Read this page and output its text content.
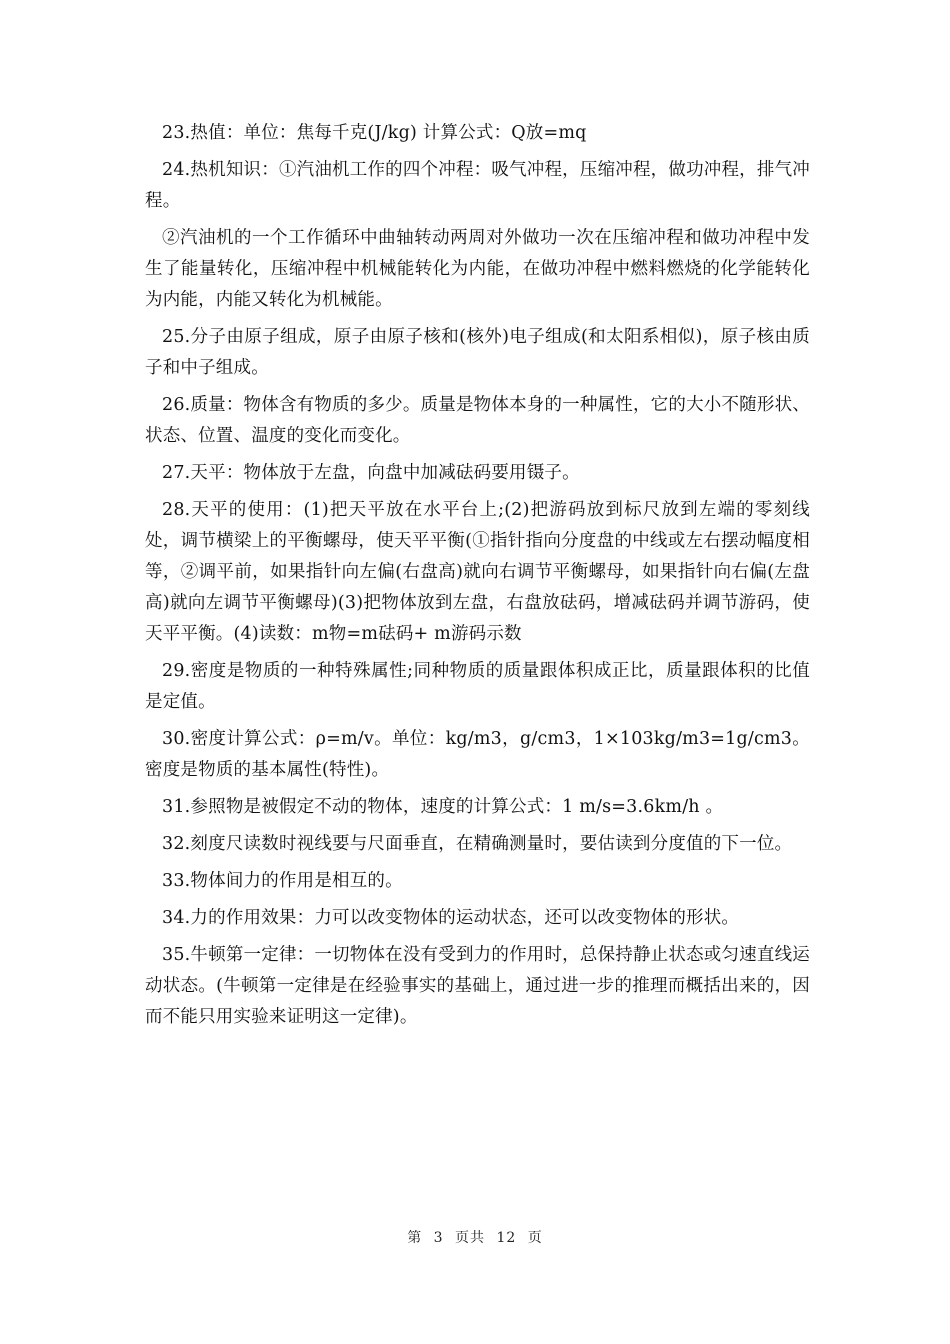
23.热值：单位：焦每千克(J/kg) 计算公式：Q放=mq

24.热机知识：①汽油机工作的四个冲程：吸气冲程，压缩冲程，做功冲程，排气冲程。

②汽油机的一个工作循环中曲轴转动两周对外做功一次在压缩冲程和做功冲程中发生了能量转化，压缩冲程中机械能转化为内能，在做功冲程中燃料燃烧的化学能转化为内能，内能又转化为机械能。

25.分子由原子组成，原子由原子核和(核外)电子组成(和太阳系相似)，原子核由质子和中子组成。

26.质量：物体含有物质的多少。质量是物体本身的一种属性，它的大小不随形状、状态、位置、温度的变化而变化。

27.天平：物体放于左盘，向盘中加减砝码要用镊子。

28.天平的使用：(1)把天平放在水平台上;(2)把游码放到标尺放到左端的零刻线处，调节横梁上的平衡螺母，使天平平衡(①指针指向分度盘的中线或左右摆动幅度相等，②调平前，如果指针向左偏(右盘高)就向右调节平衡螺母，如果指针向右偏(左盘高)就向左调节平衡螺母)(3)把物体放到左盘，右盘放砝码，增减砝码并调节游码，使天平平衡。(4)读数：m物=m砝码+ m游码示数

29.密度是物质的一种特殊属性;同种物质的质量跟体积成正比，质量跟体积的比值是定值。

30.密度计算公式：ρ=m/v。单位：kg/m3，g/cm3，1×103kg/m3=1g/cm3。密度是物质的基本属性(特性)。

31.参照物是被假定不动的物体，速度的计算公式：1 m/s=3.6km/h 。

32.刻度尺读数时视线要与尺面垂直，在精确测量时，要估读到分度值的下一位。

33.物体间力的作用是相互的。

34.力的作用效果：力可以改变物体的运动状态，还可以改变物体的形状。

35.牛顿第一定律：一切物体在没有受到力的作用时，总保持静止状态或匀速直线运动状态。(牛顿第一定律是在经验事实的基础上，通过进一步的推理而概括出来的，因而不能只用实验来证明这一定律)。

第 3 页共 12 页
